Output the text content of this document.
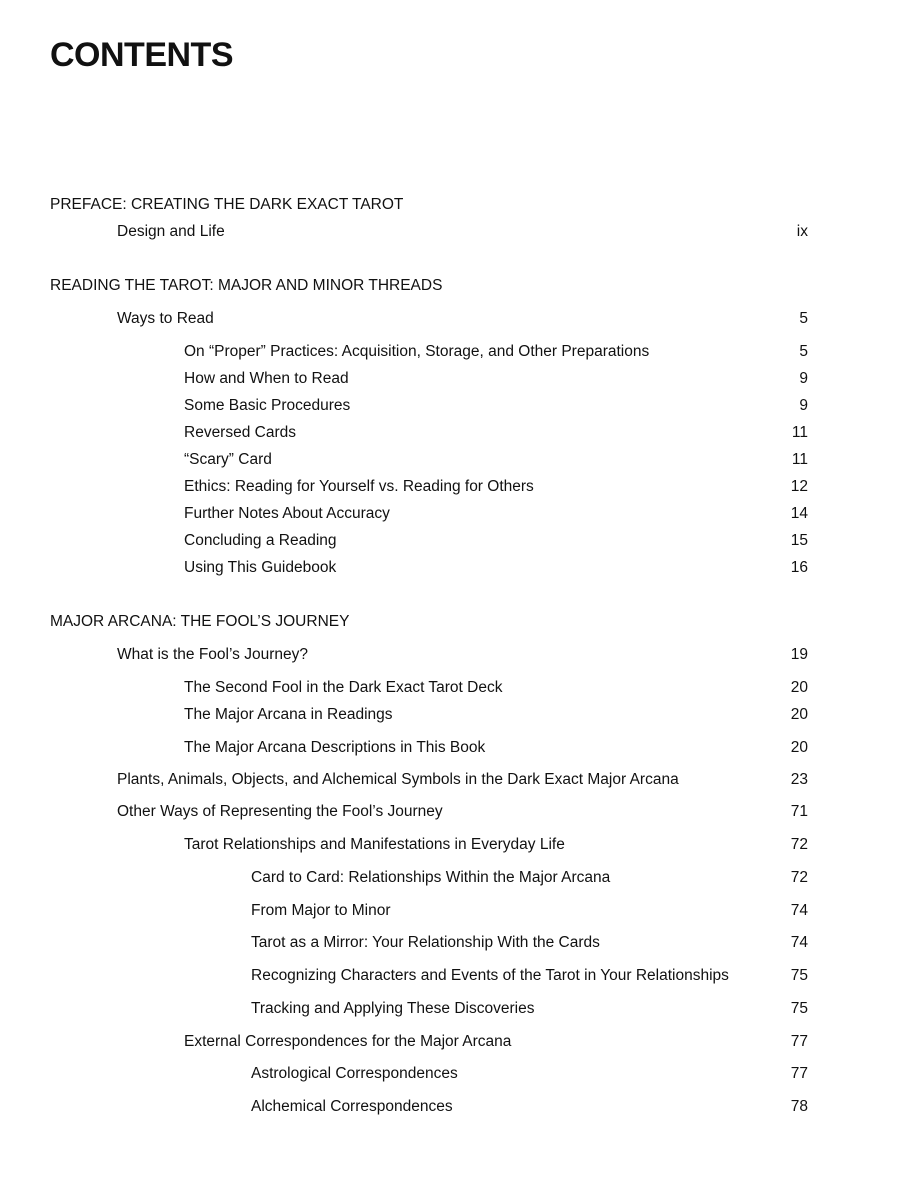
CONTENTS
PREFACE: CREATING THE DARK EXACT TAROT
Design and Life	ix
READING THE TAROT: MAJOR AND MINOR THREADS
Ways to Read	5
On “Proper” Practices: Acquisition, Storage, and Other Preparations	5
How and When to Read	9
Some Basic Procedures	9
Reversed Cards	11
“Scary” Card	11
Ethics: Reading for Yourself vs. Reading for Others	12
Further Notes About Accuracy	14
Concluding a Reading	15
Using This Guidebook	16
MAJOR ARCANA: THE FOOL’S JOURNEY
What is the Fool’s Journey?	19
The Second Fool in the Dark Exact Tarot Deck	20
The Major Arcana in Readings	20
The Major Arcana Descriptions in This Book	20
Plants, Animals, Objects, and Alchemical Symbols in the Dark Exact Major Arcana	23
Other Ways of Representing the Fool’s Journey	71
Tarot Relationships and Manifestations in Everyday Life	72
Card to Card: Relationships Within the Major Arcana	72
From Major to Minor	74
Tarot as a Mirror: Your Relationship With the Cards	74
Recognizing Characters and Events of the Tarot in Your Relationships	75
Tracking and Applying These Discoveries	75
External Correspondences for the Major Arcana	77
Astrological Correspondences	77
Alchemical Correspondences	78
